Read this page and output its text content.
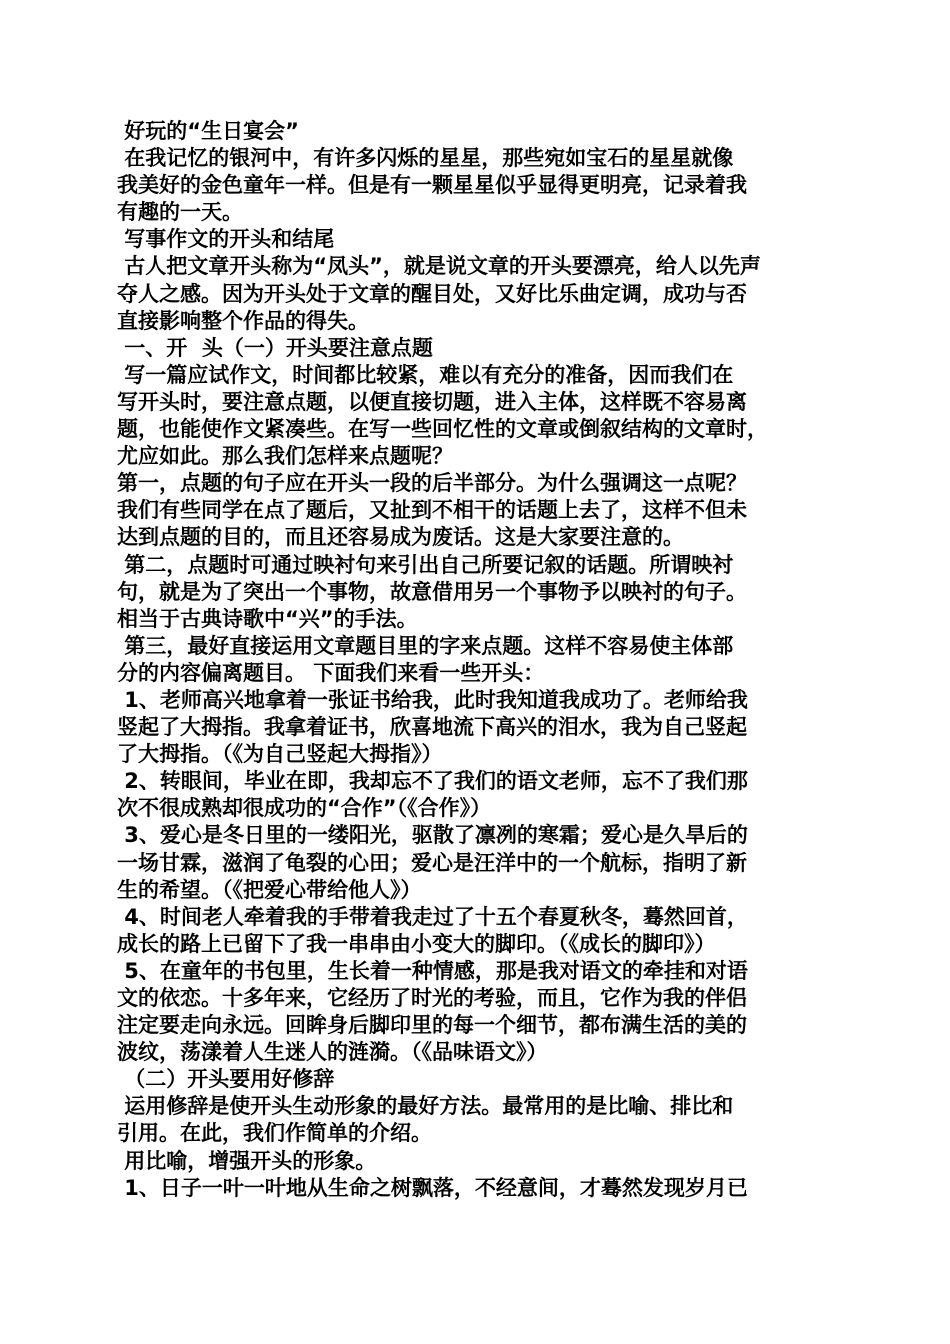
好玩的“生日宴会”
在我记忆的银河中，有许多闪烁的星星，那些宛如宝石的星星就像
我美好的金色童年一样。但是有一颗星星似乎显得更明亮，记录着我
有趣的一天。
写事作文的开头和结尾
古人把文章开头称为“凤头”，就是说文章的开头要漂亮，给人以先声
夺人之感。因为开头处于文章的醒目处，又好比乐曲定调，成功与否
直接影响整个作品的得失。
一、开  头（一）开头要注意点题
写一篇应试作文，时间都比较紧，难以有充分的准备，因而我们在
写开头时，要注意点题，以便直接切题，进入主体，这样既不容易离
题，也能使作文紧凑些。在写一些回忆性的文章或倒叙结构的文章时，
尤应如此。那么我们怎样来点题呢？
第一，点题的句子应在开头一段的后半部分。为什么强调这一点呢？
我们有些同学在点了题后，又扯到不相干的话题上去了，这样不但未
达到点题的目的，而且还容易成为废话。这是大家要注意的。
第二，点题时可通过映衬句来引出自己所要记叙的话题。所谓映衬
句，就是为了突出一个事物，故意借用另一个事物予以映衬的句子。
相当于古典诗歌中“兴”的手法。
第三，最好直接运用文章题目里的字来点题。这样不容易使主体部
分的内容偏离题目。 下面我们来看一些开头：
1、老师高兴地拿着一张证书给我，此时我知道我成功了。老师给我
竖起了大拇指。我拿着证书，欣喜地流下高兴的泪水，我为自己竖起
了大拇指。（《为自己竖起大拇指》）
2、转眼间，毕业在即，我却忘不了我们的语文老师，忘不了我们那
次不很成熟却很成功的“合作”（《合作》）
3、爱心是冬日里的一缕阳光，驱散了凛冽的寒霜；爱心是久旱后的
一场甘霖，滋润了龟裂的心田；爱心是汪洋中的一个航标，指明了新
生的希望。（《把爱心带给他人》）
4、时间老人牵着我的手带着我走过了十五个春夏秋冬，蓦然回首，
成长的路上已留下了我一串串由小变大的脚印。（《成长的脚印》）
5、在童年的书包里，生长着一种情感，那是我对语文的牵挂和对语
文的依恋。十多年来，它经历了时光的考验，而且，它作为我的伴侣
注定要走向永远。回眸身后脚印里的每一个细节，都布满生活的美的
波纹，荡漾着人生迷人的涟漪。（《品味语文》）
（二）开头要用好修辞
运用修辞是使开头生动形象的最好方法。最常用的是比喻、排比和
引用。在此，我们作简单的介绍。
用比喻，增强开头的形象。
1、日子一叶一叶地从生命之树飘落，不经意间，才蓦然发现岁月已
